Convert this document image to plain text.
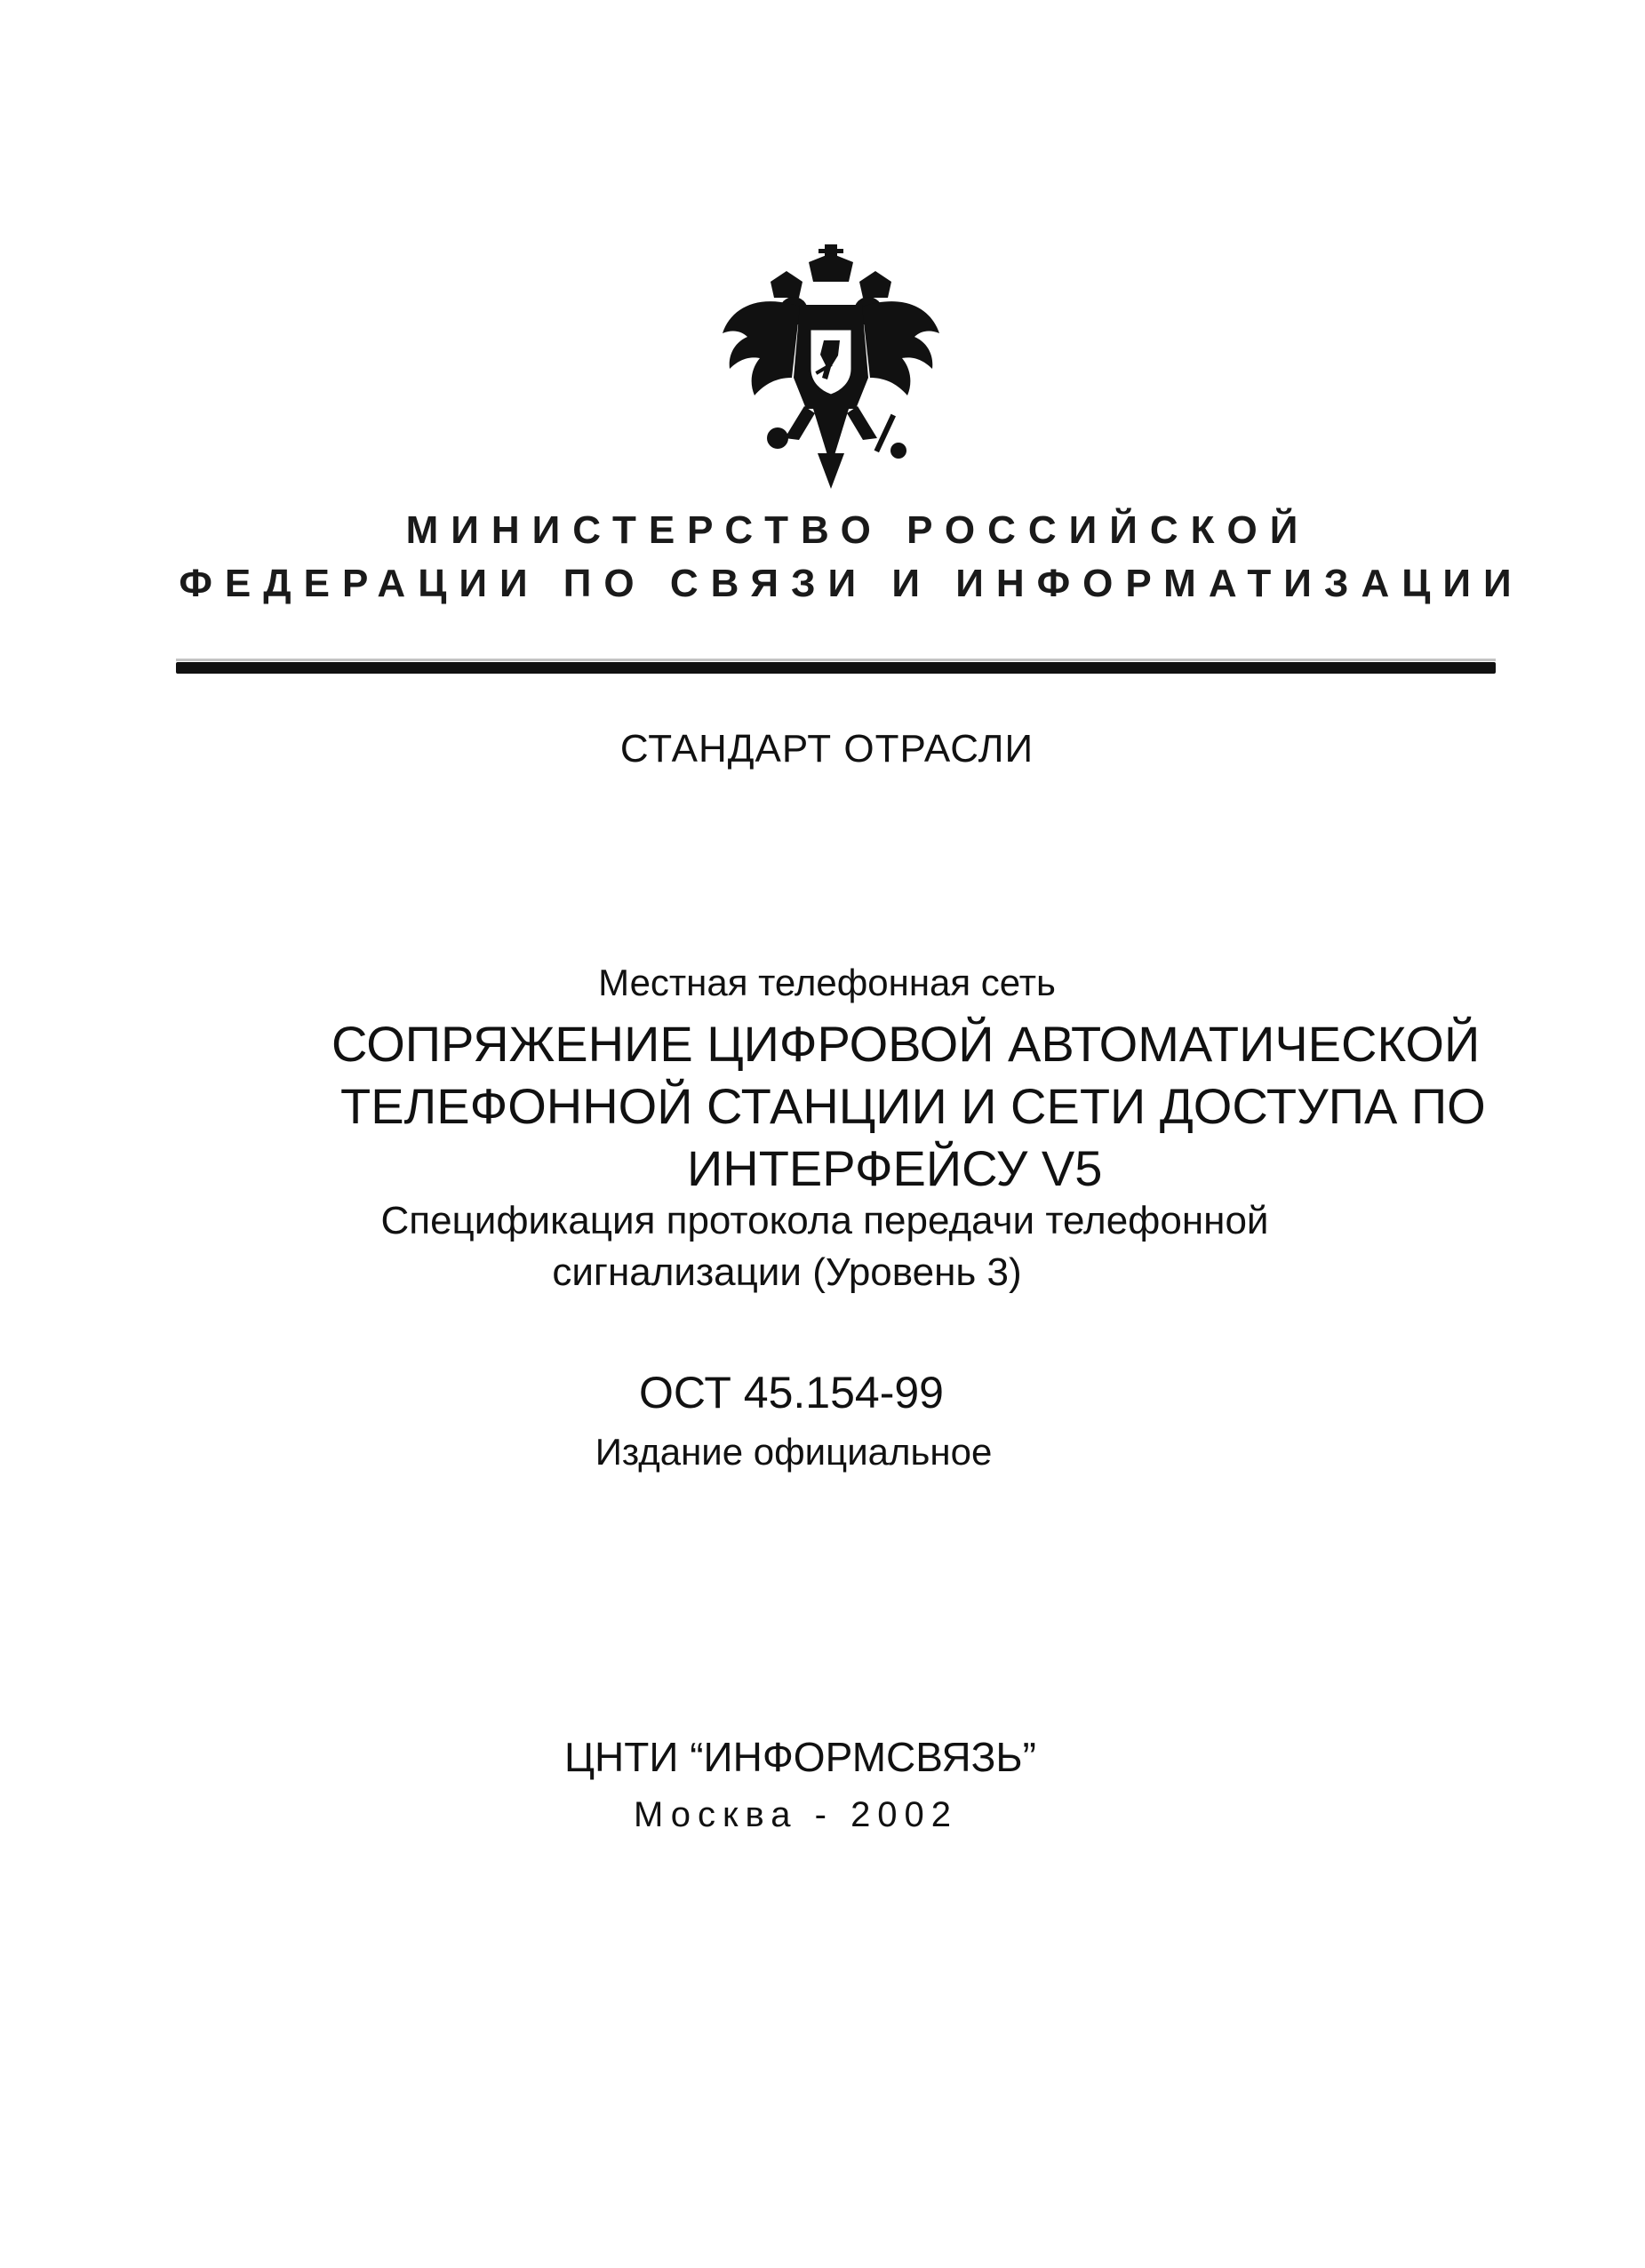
МИНИСТЕРСТВО РОССИЙСКОЙ
ФЕДЕРАЦИИ ПО СВЯЗИ И ИНФОРМАТИЗАЦИИ
СТАНДАРТ ОТРАСЛИ
Местная телефонная сеть
СОПРЯЖЕНИЕ ЦИФРОВОЙ АВТОМАТИЧЕСКОЙ
ТЕЛЕФОННОЙ СТАНЦИИ И СЕТИ ДОСТУПА ПО
ИНТЕРФЕЙСУ V5
Спецификация протокола передачи телефонной
сигнализации (Уровень 3)
ОСТ 45.154-99
Издание официальное
ЦНТИ “ИНФОРМСВЯЗЬ”
Москва - 2002
